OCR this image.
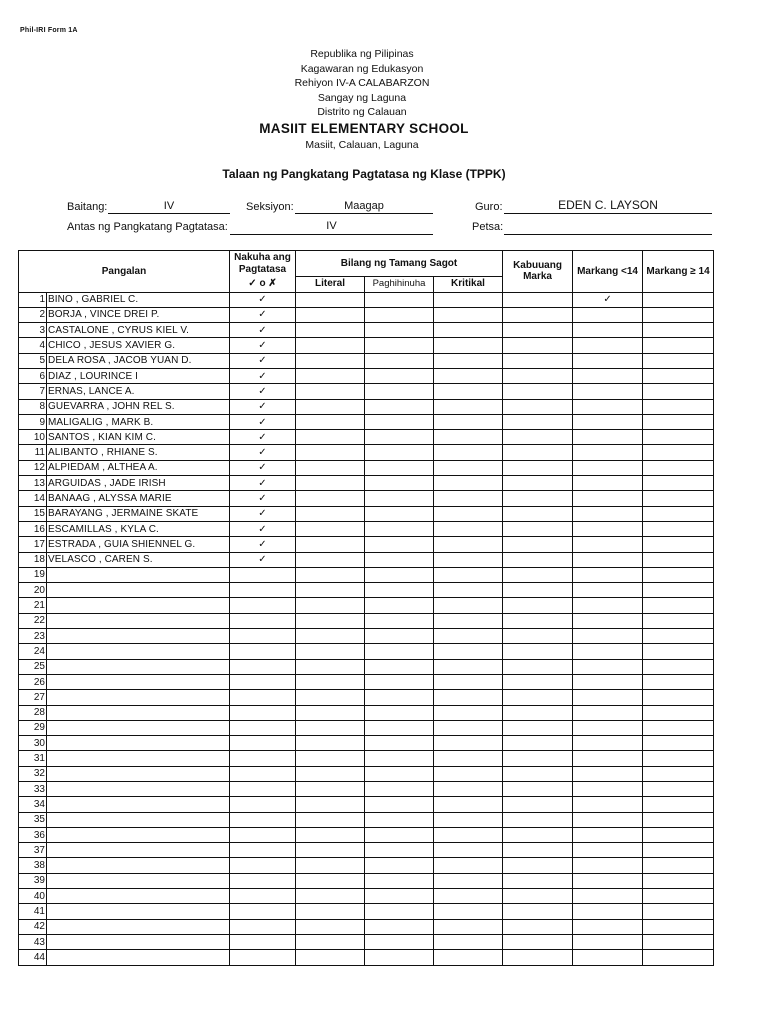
Phil-IRI Form 1A
Republika ng Pilipinas
Kagawaran ng Edukasyon
Rehiyon IV-A CALABARZON
Sangay ng Laguna
Distrito ng Calauan
MASIIT ELEMENTARY SCHOOL
Masiit, Calauan, Laguna
Talaan ng Pangkatang Pagtatasa ng Klase (TPPK)
Baitang:	IV	Seksiyon:	Maagap	Guro:	EDEN C. LAYSON
Antas ng Pangkatang Pagtatasa:	IV	Petsa:
Pangalan		Nakuha ang Pagtatasa	Bilang ng Tamang Sagot			Kabuuang Marka	Markang <14	Markang ≥ 14
		✓ o ✗	Literal	Paghihinuha	Kritikal			
1	BINO , GABRIEL C.	✓					✓	
2	BORJA , VINCE DREI P.	✓						
3	CASTALONE , CYRUS KIEL V.	✓						
4	CHICO , JESUS XAVIER G.	✓						
5	DELA ROSA , JACOB YUAN D.	✓						
6	DIAZ , LOURINCE I	✓						
7	ERNAS, LANCE A.	✓						
8	GUEVARRA , JOHN REL S.	✓						
9	MALIGALIG , MARK B.	✓						
10	SANTOS , KIAN KIM C.	✓						
11	ALIBANTO , RHIANE S.	✓						
12	ALPIEDAM , ALTHEA A.	✓						
13	ARGUIDAS , JADE IRISH	✓						
14	BANAAG , ALYSSA MARIE	✓						
15	BARAYANG , JERMAINE SKATE	✓						
16	ESCAMILLAS , KYLA C.	✓						
17	ESTRADA , GUIA SHIENNEL G.	✓						
18	VELASCO , CAREN S.	✓						
19								
20								
21								
22								
23								
24								
25								
26								
27								
28								
29								
30								
31								
32								
33								
34								
35								
36								
37								
38								
39								
40								
41								
42								
43								
44								
